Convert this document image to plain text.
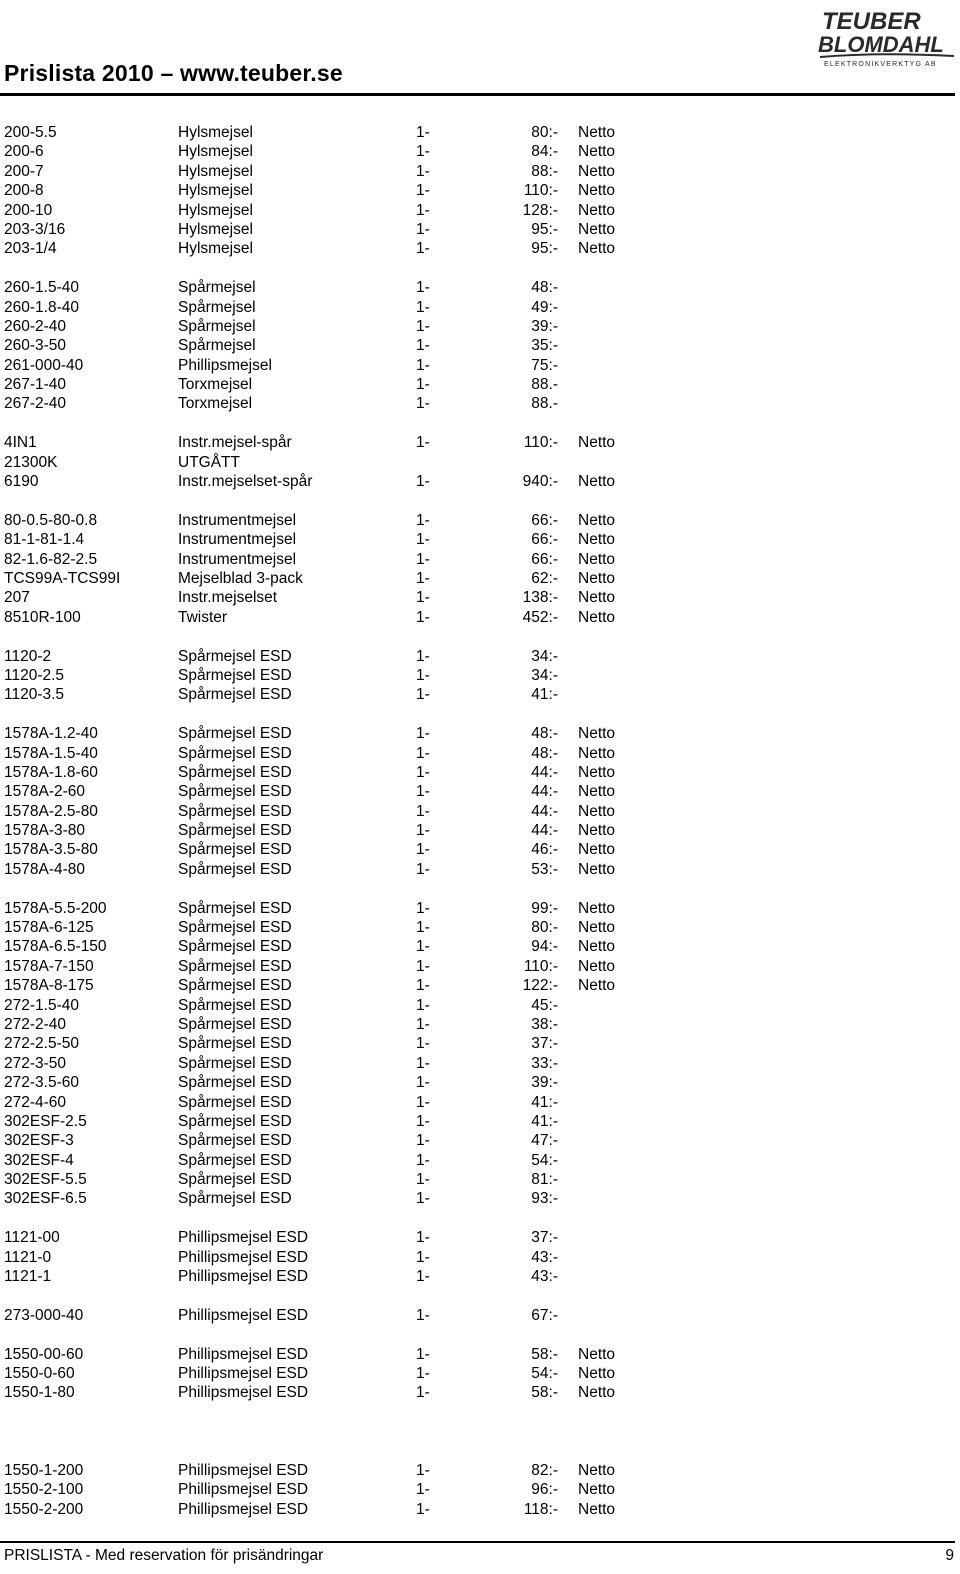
Prislista 2010 – www.teuber.se
TEUBER
BLOMDAHL
ELEKTRONIKVERKTYG AB
200-5.5	Hylsmejsel	1-	80:- Netto
200-6	Hylsmejsel	1-	84:- Netto
200-7	Hylsmejsel	1-	88:- Netto
200-8	Hylsmejsel	1-	110:- Netto
200-10	Hylsmejsel	1-	128:- Netto
203-3/16	Hylsmejsel	1-	95:- Netto
203-1/4	Hylsmejsel	1-	95:- Netto
260-1.5-40	Spårmejsel	1-	48:-
260-1.8-40	Spårmejsel	1-	49:-
260-2-40	Spårmejsel	1-	39:-
260-3-50	Spårmejsel	1-	35:-
261-000-40	Phillipsmejsel	1-	75:-
267-1-40	Torxmejsel	1-	88.-
267-2-40	Torxmejsel	1-	88.-
4IN1	Instr.mejsel-spår	1-	110:- Netto
21300K	UTGÅTT
6190	Instr.mejselset-spår	1-	940:- Netto
80-0.5-80-0.8	Instrumentmejsel	1-	66:- Netto
81-1-81-1.4	Instrumentmejsel	1-	66:- Netto
82-1.6-82-2.5	Instrumentmejsel	1-	66:- Netto
TCS99A-TCS99I	Mejselblad 3-pack	1-	62:- Netto
207	Instr.mejselset	1-	138:- Netto
8510R-100	Twister	1-	452:- Netto
1120-2	Spårmejsel ESD	1-	34:-
1120-2.5	Spårmejsel ESD	1-	34:-
1120-3.5	Spårmejsel ESD	1-	41:-
1578A-1.2-40	Spårmejsel ESD	1-	48:- Netto
1578A-1.5-40	Spårmejsel ESD	1-	48:- Netto
1578A-1.8-60	Spårmejsel ESD	1-	44:- Netto
1578A-2-60	Spårmejsel ESD	1-	44:- Netto
1578A-2.5-80	Spårmejsel ESD	1-	44:- Netto
1578A-3-80	Spårmejsel ESD	1-	44:- Netto
1578A-3.5-80	Spårmejsel ESD	1-	46:- Netto
1578A-4-80	Spårmejsel ESD	1-	53:- Netto
1578A-5.5-200	Spårmejsel ESD	1-	99:- Netto
1578A-6-125	Spårmejsel ESD	1-	80:- Netto
1578A-6.5-150	Spårmejsel ESD	1-	94:- Netto
1578A-7-150	Spårmejsel ESD	1-	110:- Netto
1578A-8-175	Spårmejsel ESD	1-	122:- Netto
272-1.5-40	Spårmejsel ESD	1-	45:-
272-2-40	Spårmejsel ESD	1-	38:-
272-2.5-50	Spårmejsel ESD	1-	37:-
272-3-50	Spårmejsel ESD	1-	33:-
272-3.5-60	Spårmejsel ESD	1-	39:-
272-4-60	Spårmejsel ESD	1-	41:-
302ESF-2.5	Spårmejsel ESD	1-	41:-
302ESF-3	Spårmejsel ESD	1-	47:-
302ESF-4	Spårmejsel ESD	1-	54:-
302ESF-5.5	Spårmejsel ESD	1-	81:-
302ESF-6.5	Spårmejsel ESD	1-	93:-
1121-00	Phillipsmejsel ESD	1-	37:-
1121-0	Phillipsmejsel ESD	1-	43:-
1121-1	Phillipsmejsel ESD	1-	43:-
273-000-40	Phillipsmejsel ESD	1-	67:-
1550-00-60	Phillipsmejsel ESD	1-	58:- Netto
1550-0-60	Phillipsmejsel ESD	1-	54:- Netto
1550-1-80	Phillipsmejsel ESD	1-	58:- Netto
1550-1-200	Phillipsmejsel ESD	1-	82:- Netto
1550-2-100	Phillipsmejsel ESD	1-	96:- Netto
1550-2-200	Phillipsmejsel ESD	1-	118:- Netto
PRISLISTA - Med reservation för prisändringar	9
